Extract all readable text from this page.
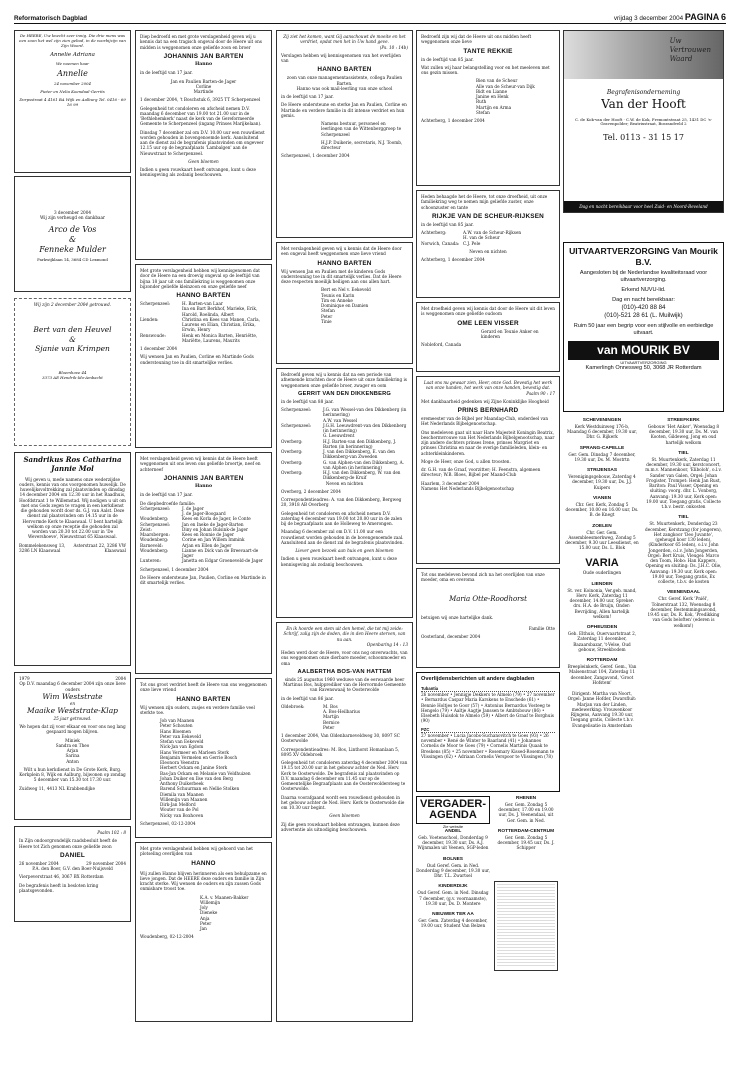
Reformatorisch Dagblad	vrijdag 3 december 2004 PAGINA 6
De HEERE, Uw knecht zeer innig. Die drie mens was een zoon het wel zijn zien gebod, in de voorbijzijn van Zijn Woord.
Annelie Adriana
We noemen haar
Annelie
24 november 2004
Pieter en Nelia Koendaal-Gerrits
Dorpsstraat 4 4161 BA Wijk en Aalburg Tel. 0416 - 69 16 99
3 december 2004
Wij zijn verheugd en dankbaar
Arco de Vos
&
Fenneke Mulder
Parkwijklaan 14, 3684 CD Lexmond
Wij zijn 2 december 2004 getrouwd.
Bert van den Heuvel
&
Sjanie van Krimpen
Bloemhove 44
3373 AE Hendrik-Ido-Ambacht
Sandrikus Ros Catharina Jannie Mol
Wij geven u, mede namens onze wederzijdse ouders, kennis van ons voorgenomen huwelijk. De huwelijksvoltrekking zal plaatsvinden op dinsdag 14 december 2004 om 12.30 uur in het Raadhuis, Hoofdstraat 1 te Willemstad. Wij nodigen u uit om met ons Gods zegen te vragen in een kerkdienst die gehouden wordt door ds. G.J. van Aalst. Deze dienst zal plaatsvinden om 14.15 uur in de Hervormde Kerk te Klaaswaal. U bent hartelijk welkom op onze receptie die gehouden zal worden van 20.30 tot 22.00 uur in 'De Wevershoeve', Nieuwstraat 65 Klaaswaal.
Bommelekensweg 13, 3286 LN Klaaswaal
Asterstraat 22, 3286 VW Klaaswaal
1979	2004
Op D.V. maandag 6 december 2004 zijn onze lieve ouders
Wim Weststrate
en
Maaike Weststrate-Klap
25 jaar getrouwd.
We hopen dat zij voor elkaar en voor ons nog lang gespaard mogen blijven.
Miniek
Sandra en Theo
Arjan
Sarina
Anton
Wilt u hun kerkdienst in De Grote Kerk, Burg. Kerkplein 8, Wijk en Aalburg, bijwonen op zondag 5 december van 15.30 tot 17.30 uur.
Zuidweg 11, 4413 NL Krabbendijke
Psalm 102 : 8
In Zijn ondoorgrondelijk raadsbesluit heeft de Heere tot Zich genomen onze geliefde zoon
DANIEL
26 november 2004	29 november 2004
P.A. den Boer, G.V. den Boer-Nuijsveld
Vierpeverstraat 46, 3067 BX Rotterdam
De begrafenis heeft in besloten kring plaatsgevonden.
Diep bedroefd en met grote verslagenheid geven wij u kennis dat na een tragisch ongeval door de Heere uit ons midden is weggenomen onze geliefde zoon en broer
JOHANNIS JAN BARTEN
Hanno
in de leeftijd van 17 jaar.
Jan en Paulien Barten-de Jager
Corline
Martinde
1 december 2004, 't Boschstuk 6, 3925 TT Scherpenzeel
Gelegenheid tot condoleren en afscheid nemen D.V. maandag 6 december van 19.00 tot 21.00 uur in de 'Bethlehemkerk' naast de kerk van de Gereformeerde Gemeente te Scherpenzeel (ingang Prinses Marijkelaan).
Dinsdag 7 december zal om D.V. 10.00 uur een rouwdienst worden gehouden in bovengenoemde kerk. Aansluitend aan de dienst zal de begrafenis plaatsvinden om ongeveer 12.15 uur op de begraafplaats 'Lambalgen' aan de Nieuwstraat te Scherpenzeel.
Geen bloemen
Indien u geen rouwkaart heeft ontvangen, kunt u deze kennisgeving als zodanig beschouwen.
Met grote verslagenheid hebben wij kennisgenomen dat door de Heere na een droevig ongeval op de leeftijd van bijna 18 jaar uit ons familiekring is weggenomen onze bijzonder geliefde kleinzoon en onze geliefde neef
HANNO BARTEN
Scherpenzeel:	H. Barten-van Laar
Ina en Bart Berkhof, Marieke, Erik, Harold, Roelinda, Albert
Lienden:	Christina en Kees van Manen, Carla, Laurens en Elian, Christian, Erika, Erwin, Henry
Renswoude:	Henk en Monica Barten, Henriëtte, Mariëtte, Laurens, Maurits
1 december 2004
Wij wensen Jan en Paulien, Corline en Martinde Gods ondersteuning toe in dit smartelijke verlies.
Met verslagenheid geven wij kennis dat de Heere heeft weggenomen uit ons leven ons geliefde broertje, neef en achterneef
JOHANNIS JAN BARTEN
Hanno
in de leeftijd van 17 jaar.
De diepbedroefde familie:
Scherpenzeel:	J. de Jager
J. de Jager-Boogaard
Woudenberg:	Kees en Korla de Jager, Ie Conte
Scherpenzeel:	Jan en Ineke de Jager-Barten
Zeist:	Diny en Johan Bulsink-de Jager
Maarsbergen:	Kees en Ronnie de Jager
Woudenberg:	Corine en Jan Willem Immink
Barneveld:	Arjan en Ellen de Jager
Woudenberg:	Lianne en Dick van de Breevaart-de Jager
Lunteren:	Janetta en Edgar Groeneveld-de Jager
Scherpenzeel, 1 december 2004
De Heere ondersteune Jan, Paulien, Corline en Martinde in dit smartelijk verlies.
Tot ons groot verdriet heeft de Heere van ons weggenomen onze lieve vriend
HANNO BARTEN
Wij wensen zijn ouders, zusjes en verdere familie veel sterkte toe.
Job van Maanen
Peter Schouten
Hans Bloemen
Peter van Eekeveld
Stefan van Eekeveld
Nick-Jan van Egdom
Hans Vermeer en Marleen Sterk
Benjamin Vermelen en Gerrie Bosch
Eleonora Veenstra
Herbert Ockam en Janine Sterk
Bas-Jan Ockam en Melanie van Veldhuizen
Johan Duiker en Ilse van den Berg
Anthony Duikerbeek
Barend Schuurman en Nellie Stolken
Diemila van Maanen
Willemijn van Maanen
Dirk-Jan Melford
Wouter van de Pol
Nicky van Boxhoven
Scherpenzeel, 02-12-2004
Met grote verslagenheid hebben wij gehoord van het plotseling overlijden van
HANNO
Wij zullen Hanno blijven herinneren als een behulpzame en lieve jongen. Dat de HEERE deze ouders en familie in Zijn kracht sterke. Wij wensen de ouders en zijn zussen Gods onmisbare troost toe.
K.A. v. Maanen-Bakker
Willemijn
Joly
Dieneke
Anja
Peter
Jan
Woudenberg, 02-12-2004
Zij ziet het komen, want Gij aanschouwt de moeite en het verdriet, opdat men het in Uw hand geve.
(Ps. 10 : 14b)
Verslagen hebben wij kennisgenomen van het overlijden van
HANNO BARTEN
zoon van onze managementassistente, collega Paulien Barten.
Hanno was ook mail-leerling van onze school
in de leeftijd van 17 jaar.
De Heere ondersteune en sterke Jan en Paulien, Corline en Martinde en verdere familie in dit intense verdriet en hun gemis.
Namens bestuur, personeel en leerlingen van de Wittenberggroep te Scherpenzeel
H.J.P. Duikerie, secretaris, N.J. Toomb, directeur
Scherpenzeel, 1 december 2004
Met verslagenheid geven wij u kennis dat de Heere door een ongeval heeft weggenomen onze lieve vriend
HANNO BARTEN
Wij wensen Jan en Paulien met de kinderen Gods ondersteuning toe in dit smartelijk verlies. Dat de Heere deze respecten moeilijk heiligen aan ons allen hart.
Bert en Nel v. Eekeveld
Teunis en Karin
Tim en Anneke
Dominique en Damien
Stefan
Peter
Tinie
Bedroefd geven wij u kennis dat na een periode van afnemende krachten door de Heere uit onze familiekring is weggenomen onze geliefde broer, zwager en oom
GERRIT VAN DEN DIKKENBERG
in de leeftijd van 88 jaar.
Scherpenzeel:	J.G. van Wessel-van den Dikkenberg (in herinnering)
A.W. van Wessel
Scherpenzeel:	J.G.H. Leeuwdrent-van den Dikkenberg (in herinnering)
G. Leeuwdrent
Overberg:	H.J. Barten-van den Dikkenberg, J. Barten (in herinnering)
Overberg:	J. van den Dikkenberg, E. van den Dikkenberg-van Zweeden
Overberg:	G. van Alphen-van den Dikkenberg, A. van Alphen (in herinnering)
Overberg:	H.J. van den Dikkenberg, W. van den Dikkenberg-de Kruif
Neven en nichten
Overberg, 2 december 2004
Correspondentieadres: A. van den Dikkenberg, Bergweg 20, 3918 AB Overberg
Gelegenheid tot condoleren en afscheid nemen D.V. zaterdag 4 december van 19.00 tot 20.00 uur in de zalen bij de begraafplaats aan de Holleweg te Amerongen.
Maandag 6 december zal om D.V. 11.00 uur een rouwdienst worden gehouden in de bovengenoemde zaal. Aansluitend aan de dienst zal de begrafenis plaatsvinden.
Liever geen bezoek aan huis en geen bloemen
Indien u geen rouwkaart heeft ontvangen, kunt u deze kennisgeving als zodanig beschouwen.
En ik hoorde een stem uit den hemel, die tot mij zeide: Schrijf, zalig zijn de doden, die in den Heere sterven, van nu aan.
Openbaring 14 : 13
Heden werd door de Heere, voor ons nog onverwachts, van ons weggenomen onze dierbare moeder, schoonmoeder en oma
AALBERTHA BOS-VAN HATTEM
sinds 25 augustus 1960 weduwe van de eerwaarde heer Martinus Bos, hulpprediker van de Hervormde Gemeente van Ravenswaaij te Oosterwolde
in de leeftijd van 86 jaar.
Oldebroek:	M. Bos
A. Bos-Heilbarius
Martijn
Bernice
Peter
1 december 2004, Van Oldenbarneveldweg 30, 8097 SC Oosterwolde
Correspondentieadres: M. Bos, Linthorst Homanlaan 5, 8095 XV Oldebroek
Gelegenheid tot condoleren zaterdag 4 december 2004 van 19.15 tot 20.00 uur in het gebouw achter de Ned. Herv. Kerk te Oosterwolde. De begrafenis zal plaatsvinden op D.V. maandag 6 december om 11.45 uur op de Gemeentelijke Begraafplaats aan de Oosterwoldersteeg te Oosterwolde.
Daarna voorafgaand wordt een rouwdienst gehouden in het gebouw achter de Ned. Herv. Kerk te Oosterwolde die om 10.30 uur begint.
Geen bloemen
Zij die geen rouwkaart hebben ontvangen, kunnen deze advertentie als uitnodiging beschouwen.
Bedroefd zijn wij dat de Heere uit ons midden heeft weggenomen onze lieve
TANTE REKKIE
in de leeftijd van 85 jaar.
Wat zullen wij haar belangstelling voor en het meeleven met ons gezin missen.
Bien van de Scheur
Alle van de Scheur-van Dijk
Bidt en Lianne
Janine en Henk
Ruth
Martijn en Arma
Stefan
Achterberg, 1 december 2004
Heden behaagde het de Heere, tot onze droefheid, uit onze familiekring weg te nemen mijn geliefde zuster, onze schoonzuster en tante
RIJKJE VAN DE SCHEUR-RIJKSEN
in de leeftijd van 85 jaar.
Achterberg:	A.W. van de Scheur-Rijksen
H. van de Scheur
Norwich, Canada: C.J. Pele
Neven en nichten
Achterberg, 1 december 2004
Met droefheid geven wij kennis dat door de Heere uit dit leven is weggenomen onze geliefde oudoom
OME LEEN VISSER
Gerard en Teunie Anker en kinderen
Nobleford, Canada
Laat ons nu gewaar zien, Heer, onze God. Bevestig het werk van onze handen, het werk van onze handen, bevestig dat.
Psalm 90 : 17
Met dankbaarheid gedenken wij Zijne Koninklijke Hoogheid
PRINS BERNHARD
eremeester van de Bijbel per Maandag-Club, onderdeel van Het Nederlands Bijbelgenootschap.
Ons medeleven gaat uit naar Hare Majesteit Koningin Beatrix, beschermvrouwe van Het Nederlands Bijbelgenootschap, naar zijn andere dochters prinses Irene, prinses Margriet en prinses Christina en naar de overige familieleden, klein- en achterkleinkinderen.
Moge de Heer, onze God, u allen troosten.
dr. G.H. van de Graaf, voorzitter; H. Feenstra, algemeen directeur; W.B. Bloes, Bijbel per Maand-Club
Haarlem, 3 december 2004
Namens Het Nederlands Bijbelgenootschap
Tot ons medeleven bevond zich na het overlijden van onze moeder, oma en overoma
Maria Otte-Roodhorst
betuigen wij onze hartelijke dank.
Familie Otte
Oosterland, december 2004
Overlijdensberichten uit andere dagbladen
Tubantia
26 november • Jennigje Dekkers te Almelo (79) • 27 november • Bernardus Caspar Maria Karskens te Enschede (61) • Bennie Holtjes te Goor (57) • Antonius Bernardus Vosteeg te Hengelo (79) • Aaltje Aagtje Janssen te Ambtsbouw (86) • Elsebeth Huisdok te Almelo (59) • Albert de Graaf te Borghuis (90)
PZC
27 november • Lucia Jacobs-Suchanovitch te Goes (93) • 26 november • René de Winter te Baarland (41) • Johannes Cornelis de Moor te Goes (79) • Cornelis Martinis Quaak te Breskens (85) • 25 november • Rosemary Kissed-Rosemann te Vlissingen (62) • Adriaan Cornelis Verspoor te Vlissingen (78)
VERGADER-AGENDA
Zie website
ANDEL
Geb. Voetenschool, Donderdag 9 december, 19.30 uur, Ds. A.J. Wijnmalen uit Veenen, SGP-leden
BOLNES
Oud Geref. Gem. in Ned. Donderdag 9 december, 19.30 uur, Dhr. T.L. Zwartsel
KINDERDIJK
Oud Geref. Gem. in Ned. Dinsdag 7 december, (g.v. voornaamste), 19.30 uur, Ds. D. Montere
NIEUWER TER AA
Ger. Gem. Zaterdag 4 december, 19.00 uur, Student Van Belzen
RHENEN
Ger. Gem. Zondag 5 december, 17.00 en 19.00 uur, Ds. J. Veenendaal, uit Ger. Gem. in Ned.
ROTTERDAM-CENTRUM
Ger. Gem. Zondag 5 december, 19.45 uur, Ds. J. Schipper
Uw
Vertrouwen
Waard
Begrafenisonderneming
Van der Hooft
C. de Kok-van der Hooft · C.W. de Kok, Fremontstraat 25, 1431 DC 's-Gravenpolder; Beatrixstraat, Bosrandveld 2
Tel. 0113 - 31 15 17
Dag en nacht bereikbaar voor heel Zuid- en Noord-Beveland
UITVAARTVERZORGING Van Mourik B.V.
Aangesloten bij de Nederlandse kwaliteitsraad voor uitvaartverzorging.
Erkend NUVU-lid.
Dag en nacht bereikbaar:
(010)-420 88 84
(010)-521 28 61 (L. Muilwijk)
Ruim 50 jaar een begrip voor een stijlvolle en eerbiedige uitvaart.
van MOURIK BV
UITVAARTVERZORGING
Kamerlingh Onnesweg 50, 3068 JR Rotterdam
SCHEVENINGEN
Kerk Westduinweg 176-b, Maandag 6 december, 19.30 uur, Dhr. G. Rijkerk
SPRANG-CAPELLE
Ger. Gem. Dinsdag 7 december, 19.30 uur, Ds. M. Mostrtn
STRIJENSAS
Verenigingsgebouw, Zaterdag 4 december, 19.30 uur, Ds. J.J. Kuipers
VIANEN
Chr. Ger. Kerk, Zondag 5 december, 10.00 en 16.00 uur, Ds. B. de Knegt
ZOELEN
Chr. Ger. Gem. Assembleesmerkweg, Zondag 5 december, 9.30 uur Leesdienst, en 15.00 uur, Ds. L. Blok
VARIA
Oude ouderlingen
LIENDEN
St. ver. Koinonia, Ver.geb. mand, Herv. Kerk, Zaterdag 11 december, 14.00 uur, Spreker: drs. H.A. de Bruijn, Onder: Bevrijding, Allen hartelijk welkom!
OPHEUSDEN
Geb. Elthuis, Ouervaartstraat 2, Zaterdag 11 december, Bazaarsbazar, 't-Velse, Oud gebouw, Streekbodem
ROTTERDAM
Breepleinkerk, Geref. Gem., Van Malsenstraat 104, Zaterdag 11 december, Zangavond, 'Groot Hofstem'
Dirigent: Martha van Noort, Orgel: Janne Hofder, Dwarsfluit: Marjan van der Linden, medewerking: Vrouwenkoor Rijngens, Aanvang 19.30 uur, Toegang gratis, Collecte t.b.v. Evangelisatie in Amsterdam
STREEFKERK
Gebouw 'Het Anker', Woensdag 8 december, 19.30 uur, Ds. M. van Kooten, Gildeweg, Jong en oud hartelijk welkom
TIEL
St. Muurtenkerk, Zaterdag 11 december, 19.30 uur, kerstconcert, m.m.v. Mannenkoor, 'Eliboloh', o.l.v. Sander van Galen, Orgel: Johan Frogister, Trompet: Henk Jan Rust, Bariton: Paul Visser, Opening en sluiting: voorg. dhr. L. Vonborg, Aanvang: 19.30 uur, Kerk open: 19.00 uur, Toegang gratis, Collecte t.b.v. bestr. onkosten
TIEL
St. Muurtenkerk, Donderdag 23 december, Kerstzang (for jongeren), Het zangkoor 'Deo Juvante', (geheugd koor 130 leden), (Kinderkoor 65 leden), o.l.v. John Jongerden, o.l.v. John Jongerden, Orgel: Bert Kruis, Vleugel: Marco den Toom, Hobo: Han Kappers, Opening en sluiting: Ds. J.H.C. Olie, Aanvang: 19.30 uur, Kerk open: 19.00 uur, Toegang gratis, Ex collecte, t.b.v. de kosten
VEENENDAAL
Chr. Geref. Kerk 'Pniël', Tolnerstraat 132, Woensdag 8 december, Bestemmingsavond, 19.45 uur, Ds. R. Kok, 'Predikking van Gods beloften' (ederen is welkom!)
